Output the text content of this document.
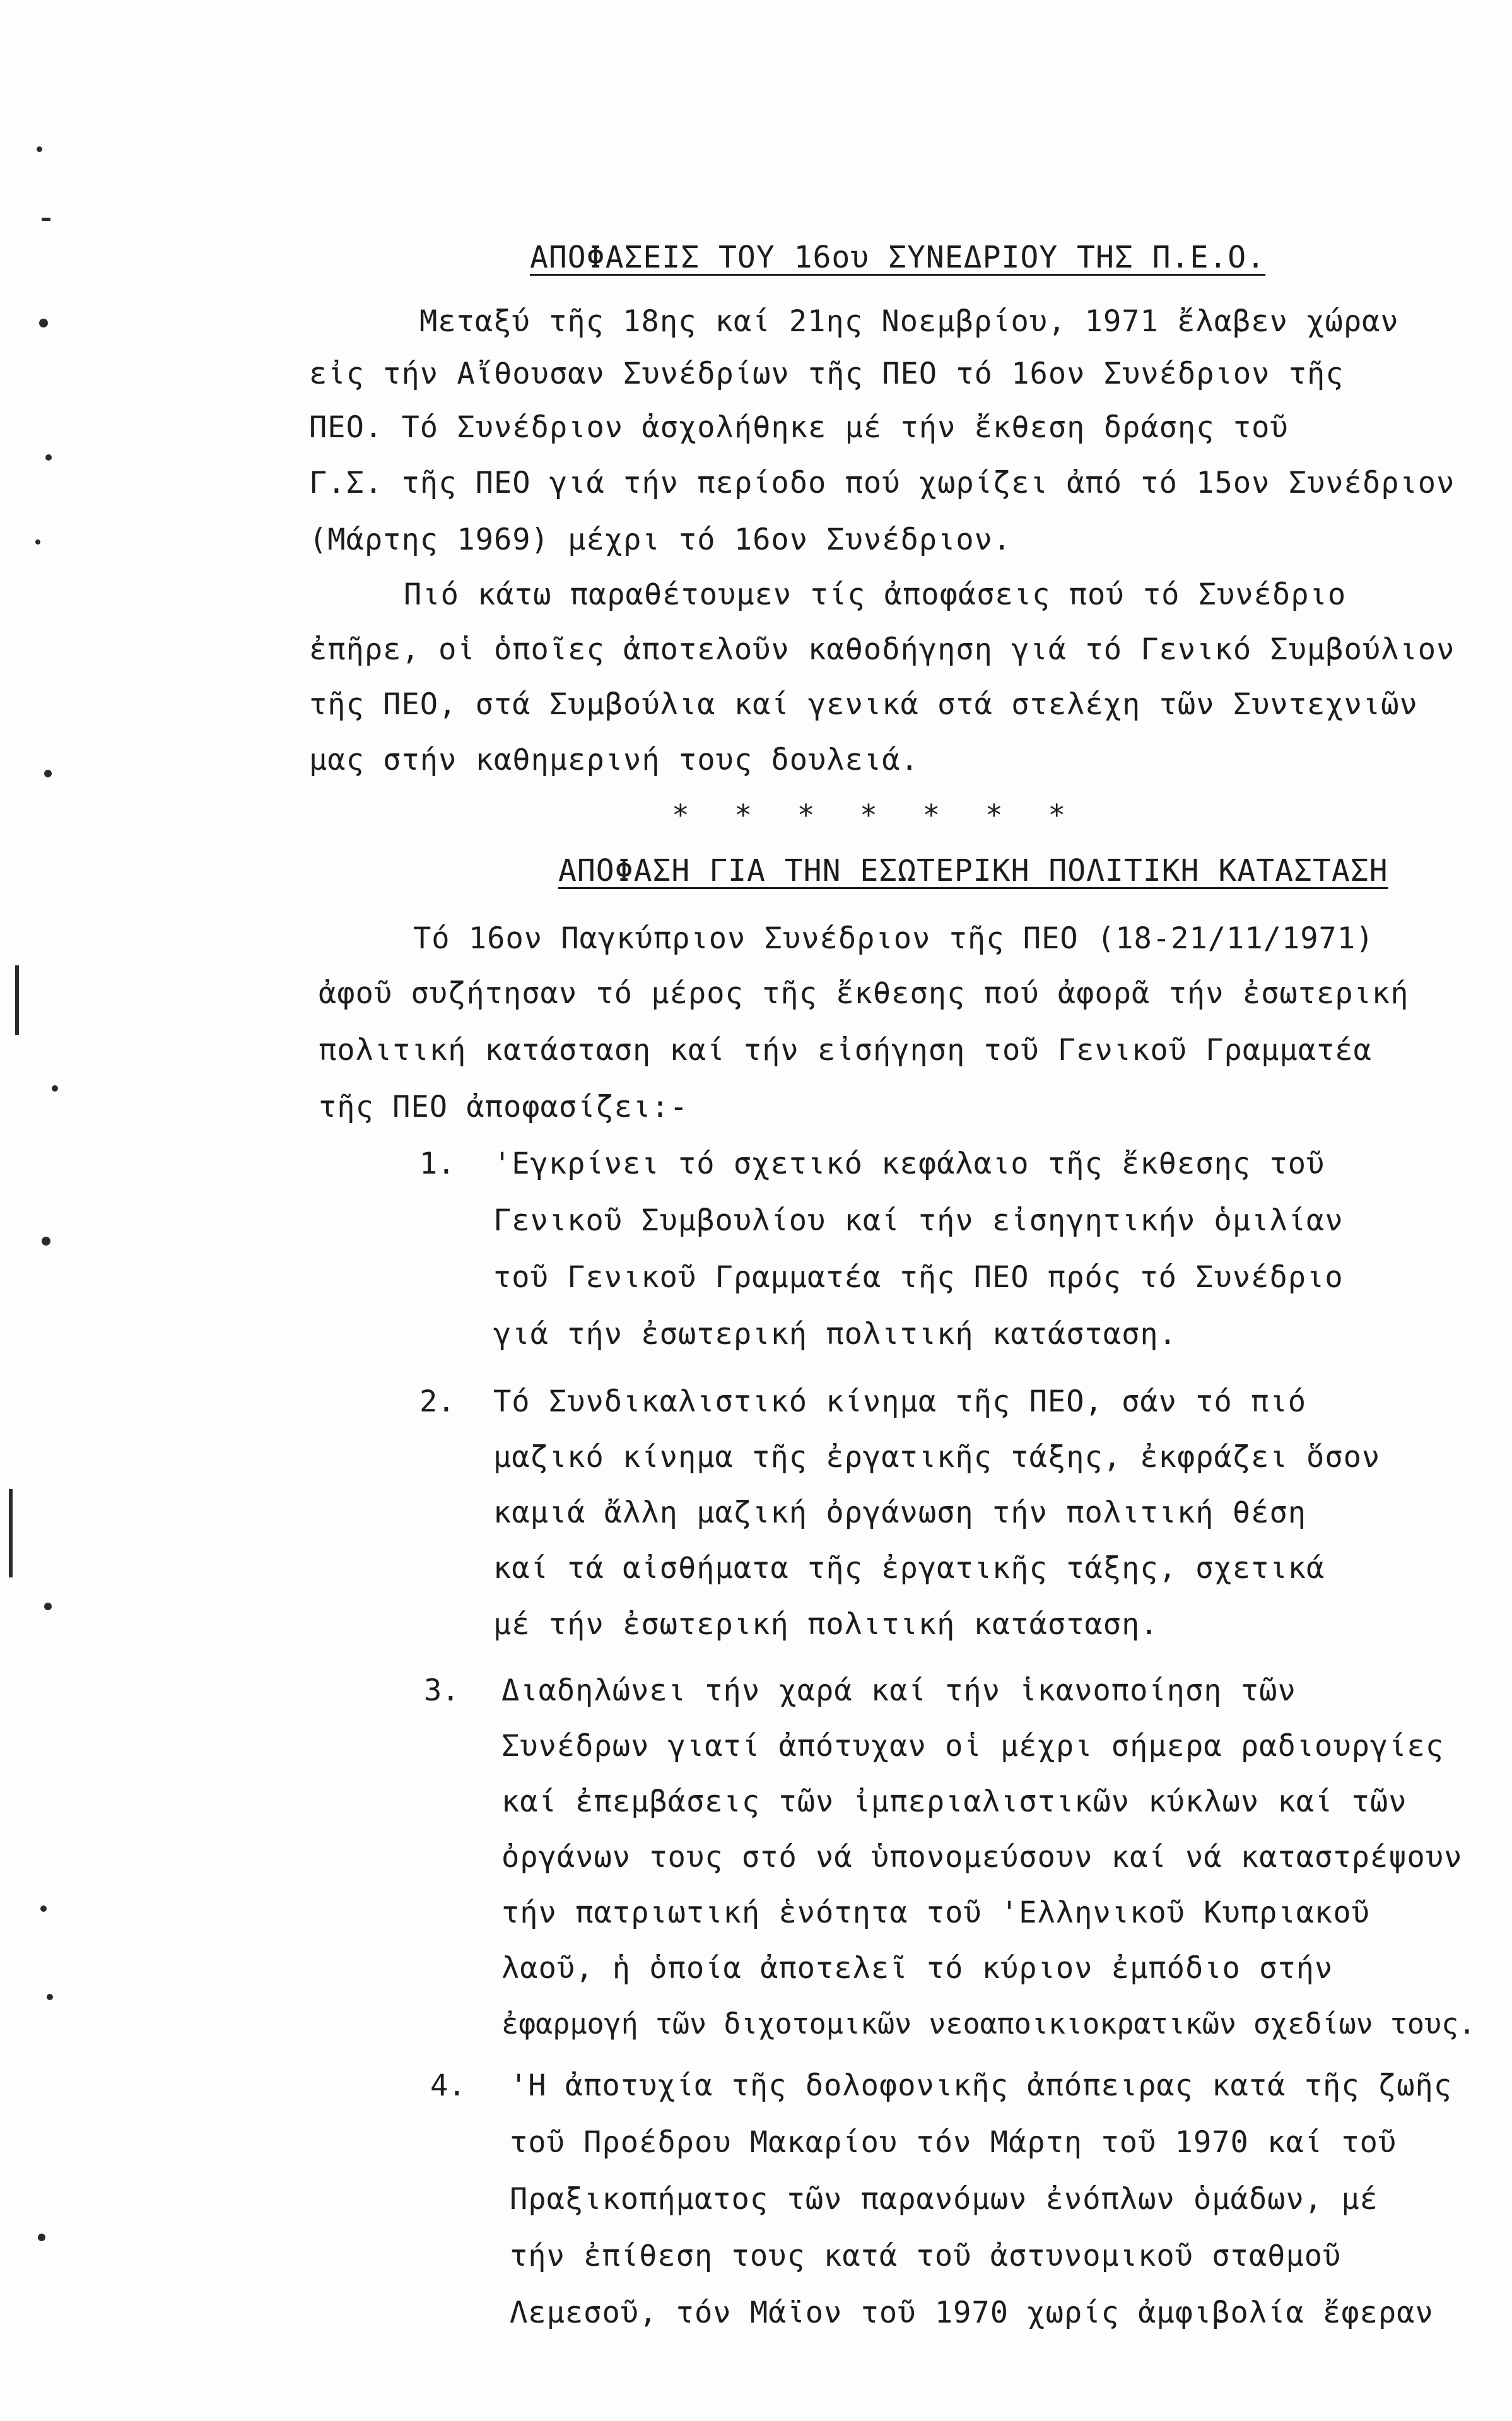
ΑΠΟΦΑΣΕΙΣ ΤΟΥ 16ου ΣΥΝΕΔΡΙΟΥ ΤΗΣ Π.Ε.Ο.
Μεταξύ τῆς 18ης καί 21ης Νοεμβρίου, 1971 ἔλαβεν χώραν
εἰς τήν Αἴθουσαν Συνέδρίων τῆς ΠΕΟ τό 16ον Συνέδριον τῆς
ΠΕΟ. Τό Συνέδριον ἀσχολήθηκε μέ τήν ἔκθεση δράσης τοῦ
Γ.Σ. τῆς ΠΕΟ γιά τήν περίοδο πού χωρίζει ἀπό τό 15ον Συνέδριον
(Μάρτης 1969) μέχρι τό 16ον Συνέδριον.
Πιό κάτω παραθέτουμεν τίς ἀποφάσεις πού τό Συνέδριο
ἐπῆρε, οἱ ὁποῖες ἀποτελοῦν καθοδήγηση γιά τό Γενικό Συμβούλιον
τῆς ΠΕΟ, στά Συμβούλια καί γενικά στά στελέχη τῶν Συντεχνιῶν
μας στήν καθημερινή τους δουλειά.
* * * * * * *
ΑΠΟΦΑΣΗ ΓΙΑ ΤΗΝ ΕΣΩΤΕΡΙΚΗ ΠΟΛΙΤΙΚΗ ΚΑΤΑΣΤΑΣΗ
Τό 16ον Παγκύπριον Συνέδριον τῆς ΠΕΟ (18-21/11/1971)
ἀφοῦ συζήτησαν τό μέρος τῆς ἔκθεσης πού ἀφορᾶ τήν ἐσωτερική
πολιτική κατάσταση καί τήν εἰσήγηση τοῦ Γενικοῦ Γραμματέα
τῆς ΠΕΟ ἀποφασίζει:-
1. 'Εγκρίνει τό σχετικό κεφάλαιο τῆς ἔκθεσης τοῦ
Γενικοῦ Συμβουλίου καί τήν εἰσηγητικήν ὁμιλίαν
τοῦ Γενικοῦ Γραμματέα τῆς ΠΕΟ πρός τό Συνέδριο
γιά τήν ἐσωτερική πολιτική κατάσταση.
2. Τό Συνδικαλιστικό κίνημα τῆς ΠΕΟ, σάν τό πιό
μαζικό κίνημα τῆς ἐργατικῆς τάξης, ἐκφράζει ὅσον
καμιά ἄλλη μαζική ὀργάνωση τήν πολιτική θέση
καί τά αἰσθήματα τῆς ἐργατικῆς τάξης, σχετικά
μέ τήν ἐσωτερική πολιτική κατάσταση.
3. Διαδηλώνει τήν χαρά καί τήν ἱκανοποίηση τῶν
Συνέδρων γιατί ἀπότυχαν οἱ μέχρι σήμερα ραδιουργίες
καί ἐπεμβάσεις τῶν ἰμπεριαλιστικῶν κύκλων καί τῶν
ὀργάνων τους στό νά ὑπονομεύσουν καί νά καταστρέψουν
τήν πατριωτική ἑνότητα τοῦ 'Ελληνικοῦ Κυπριακοῦ
λαοῦ, ἡ ὁποία ἀποτελεῖ τό κύριον ἐμπόδιο στήν
ἐφαρμογή τῶν διχοτομικῶν νεοαποικιοκρατικῶν σχεδίων τους.
4. 'Η ἀποτυχία τῆς δολοφονικῆς ἀπόπειρας κατά τῆς ζωῆς
τοῦ Προέδρου Μακαρίου τόν Μάρτη τοῦ 1970 καί τοῦ
Πραξικοπήματος τῶν παρανόμων ἐνόπλων ὁμάδων, μέ
τήν ἐπίθεση τους κατά τοῦ ἀστυνομικοῦ σταθμοῦ
Λεμεσοῦ, τόν Μάϊον τοῦ 1970 χωρίς ἀμφιβολία ἔφεραν
